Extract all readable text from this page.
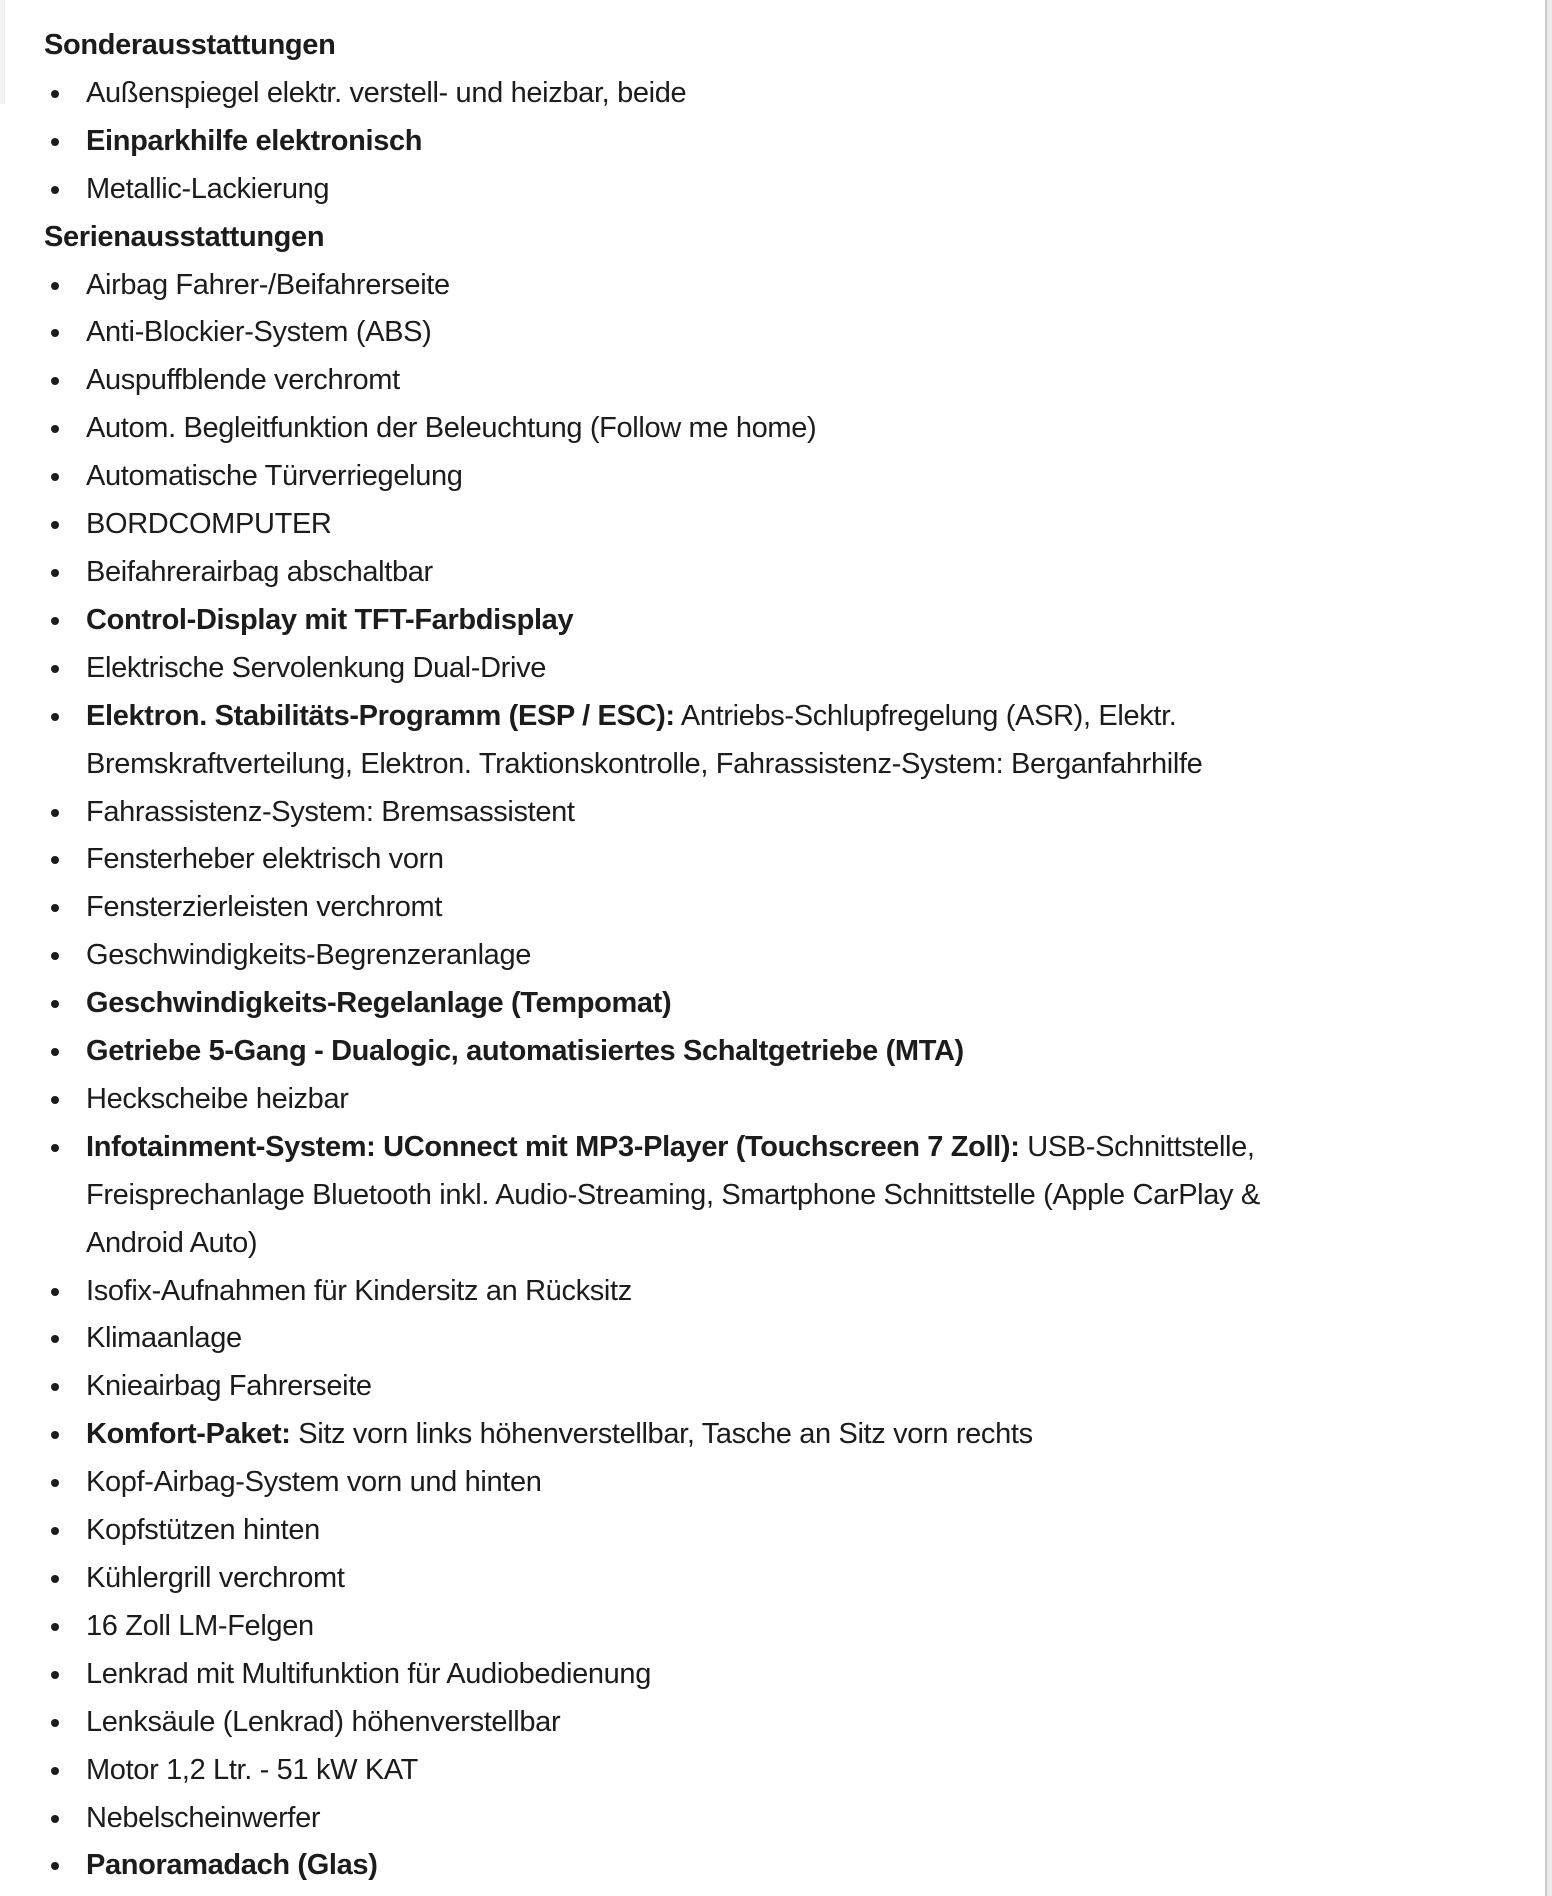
Sonderausstattungen
Außenspiegel elektr. verstell- und heizbar, beide
Einparkhilfe elektronisch
Metallic-Lackierung
Serienausstattungen
Airbag Fahrer-/Beifahrerseite
Anti-Blockier-System (ABS)
Auspuffblende verchromt
Autom. Begleitfunktion der Beleuchtung (Follow me home)
Automatische Türverriegelung
BORDCOMPUTER
Beifahrerairbag abschaltbar
Control-Display mit TFT-Farbdisplay
Elektrische Servolenkung Dual-Drive
Elektron. Stabilitäts-Programm (ESP / ESC): Antriebs-Schlupfregelung (ASR), Elektr.
Bremskraftverteilung, Elektron. Traktionskontrolle, Fahrassistenz-System: Berganfahrhilfe
Fahrassistenz-System: Bremsassistent
Fensterheber elektrisch vorn
Fensterzierleisten verchromt
Geschwindigkeits-Begrenzeranlage
Geschwindigkeits-Regelanlage (Tempomat)
Getriebe 5-Gang - Dualogic, automatisiertes Schaltgetriebe (MTA)
Heckscheibe heizbar
Infotainment-System: UConnect mit MP3-Player (Touchscreen 7 Zoll): USB-Schnittstelle,
Freisprechanlage Bluetooth inkl. Audio-Streaming, Smartphone Schnittstelle (Apple CarPlay &
Android Auto)
Isofix-Aufnahmen für Kindersitz an Rücksitz
Klimaanlage
Knieairbag Fahrerseite
Komfort-Paket: Sitz vorn links höhenverstellbar, Tasche an Sitz vorn rechts
Kopf-Airbag-System vorn und hinten
Kopfstützen hinten
Kühlergrill verchromt
16 Zoll LM-Felgen
Lenkrad mit Multifunktion für Audiobedienung
Lenksäule (Lenkrad) höhenverstellbar
Motor 1,2 Ltr. - 51 kW KAT
Nebelscheinwerfer
Panoramadach (Glas)
